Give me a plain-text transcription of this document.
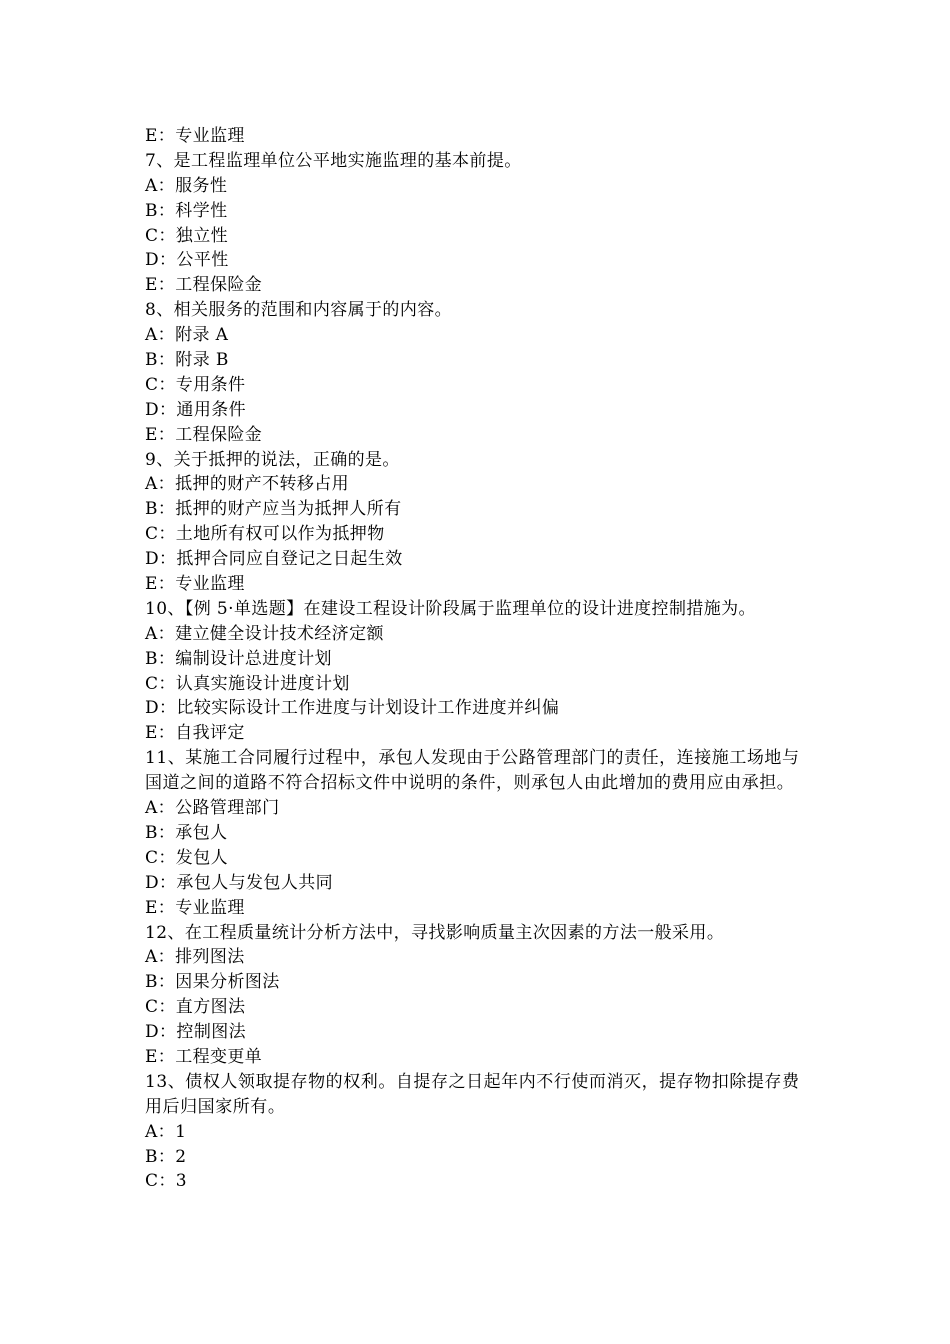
E：专业监理
7、是工程监理单位公平地实施监理的基本前提。
A：服务性
B：科学性
C：独立性
D：公平性
E：工程保险金
8、相关服务的范围和内容属于的内容。
A：附录 A
B：附录 B
C：专用条件
D：通用条件
E：工程保险金
9、关于抵押的说法，正确的是。
A：抵押的财产不转移占用
B：抵押的财产应当为抵押人所有
C：土地所有权可以作为抵押物
D：抵押合同应自登记之日起生效
E：专业监理
10、【例 5·单选题】在建设工程设计阶段属于监理单位的设计进度控制措施为。
A：建立健全设计技术经济定额
B：编制设计总进度计划
C：认真实施设计进度计划
D：比较实际设计工作进度与计划设计工作进度并纠偏
E：自我评定
11、某施工合同履行过程中，承包人发现由于公路管理部门的责任，连接施工场地与国道之间的道路不符合招标文件中说明的条件，则承包人由此增加的费用应由承担。
A：公路管理部门
B：承包人
C：发包人
D：承包人与发包人共同
E：专业监理
12、在工程质量统计分析方法中，寻找影响质量主次因素的方法一般采用。
A：排列图法
B：因果分析图法
C：直方图法
D：控制图法
E：工程变更单
13、债权人领取提存物的权利。自提存之日起年内不行使而消灭，提存物扣除提存费用后归国家所有。
A：1
B：2
C：3
